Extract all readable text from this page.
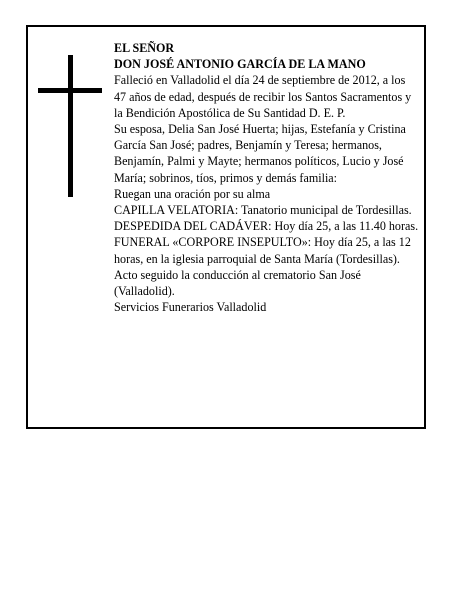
EL SEÑOR
DON JOSÉ ANTONIO GARCÍA DE LA MANO
Falleció en Valladolid el día 24 de septiembre de 2012, a los 47 años de edad, después de recibir los Santos Sacramentos y la Bendición Apostólica de Su Santidad D. E. P.
Su esposa, Delia San José Huerta; hijas, Estefanía y Cristina García San José; padres, Benjamín y Teresa; hermanos, Benjamín, Palmi y Mayte; hermanos políticos, Lucio y José María; sobrinos, tíos, primos y demás familia:
Ruegan una oración por su alma
CAPILLA VELATORIA: Tanatorio municipal de Tordesillas. DESPEDIDA DEL CADÁVER: Hoy día 25, a las 11.40 horas.
FUNERAL «CORPORE INSEPULTO»: Hoy día 25, a las 12 horas, en la iglesia parroquial de Santa María (Tordesillas). Acto seguido la conducción al crematorio San José (Valladolid).
Servicios Funerarios Valladolid
